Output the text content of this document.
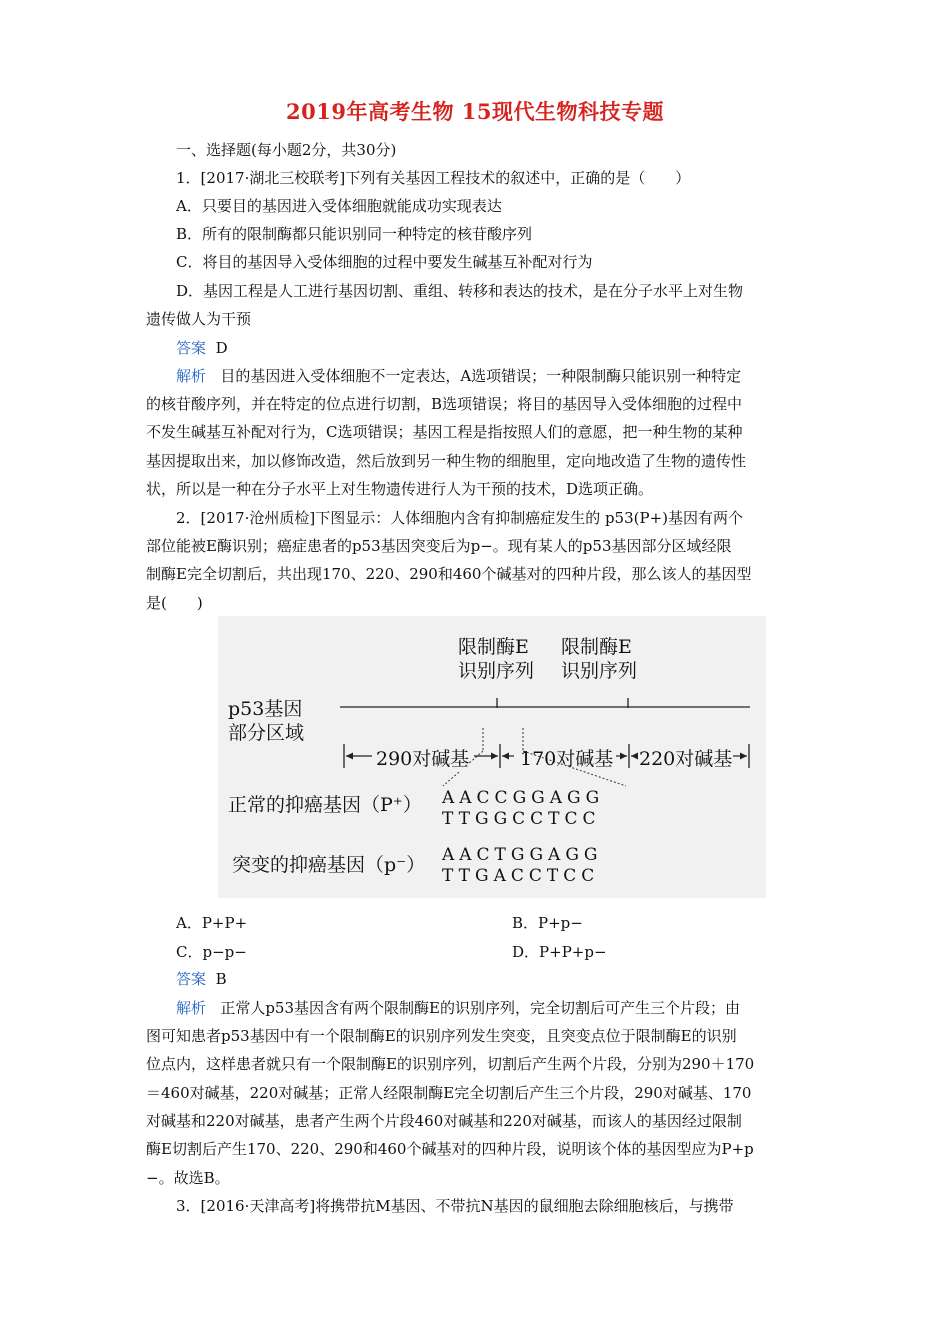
2019年高考生物 15现代生物科技专题
一、选择题(每小题2分，共30分)
1．[2017·湖北三校联考]下列有关基因工程技术的叙述中，正确的是（　　）
A．只要目的基因进入受体细胞就能成功实现表达
B．所有的限制酶都只能识别同一种特定的核苷酸序列
C．将目的基因导入受体细胞的过程中要发生碱基互补配对行为
D．基因工程是人工进行基因切割、重组、转移和表达的技术，是在分子水平上对生物
遗传做人为干预
答案 D
解析 目的基因进入受体细胞不一定表达，A选项错误；一种限制酶只能识别一种特定
的核苷酸序列，并在特定的位点进行切割，B选项错误；将目的基因导入受体细胞的过程中
不发生碱基互补配对行为，C选项错误；基因工程是指按照人们的意愿，把一种生物的某种
基因提取出来，加以修饰改造，然后放到另一种生物的细胞里，定向地改造了生物的遗传性
状，所以是一种在分子水平上对生物遗传进行人为干预的技术，D选项正确。
2．[2017·沧州质检]下图显示：人体细胞内含有抑制癌症发生的 p53(P+)基因有两个
部位能被E酶识别；癌症患者的p53基因突变后为p−。现有某人的p53基因部分区域经限
制酶E完全切割后，共出现170、220、290和460个碱基对的四种片段，那么该人的基因型
是(　　)
限制酶E
识别序列
限制酶E
识别序列
p53基因
部分区域
290对碱基	170对碱基 220对碱基
正常的抑癌基因（P⁺） AACCGGAGG
TTGGCCTCC
突变的抑癌基因（p⁻） AACTGGAGG
TTGACCTCC
A．P+P+	B．P+p−
C．p−p−	D．P+P+p−
答案 B
解析 正常人p53基因含有两个限制酶E的识别序列，完全切割后可产生三个片段；由
图可知患者p53基因中有一个限制酶E的识别序列发生突变，且突变点位于限制酶E的识别
位点内，这样患者就只有一个限制酶E的识别序列，切割后产生两个片段，分别为290＋170
＝460对碱基，220对碱基；正常人经限制酶E完全切割后产生三个片段，290对碱基、170
对碱基和220对碱基，患者产生两个片段460对碱基和220对碱基，而该人的基因经过限制
酶E切割后产生170、220、290和460个碱基对的四种片段，说明该个体的基因型应为P+p
−。故选B。
3．[2016·天津高考]将携带抗M基因、不带抗N基因的鼠细胞去除细胞核后，与携带
